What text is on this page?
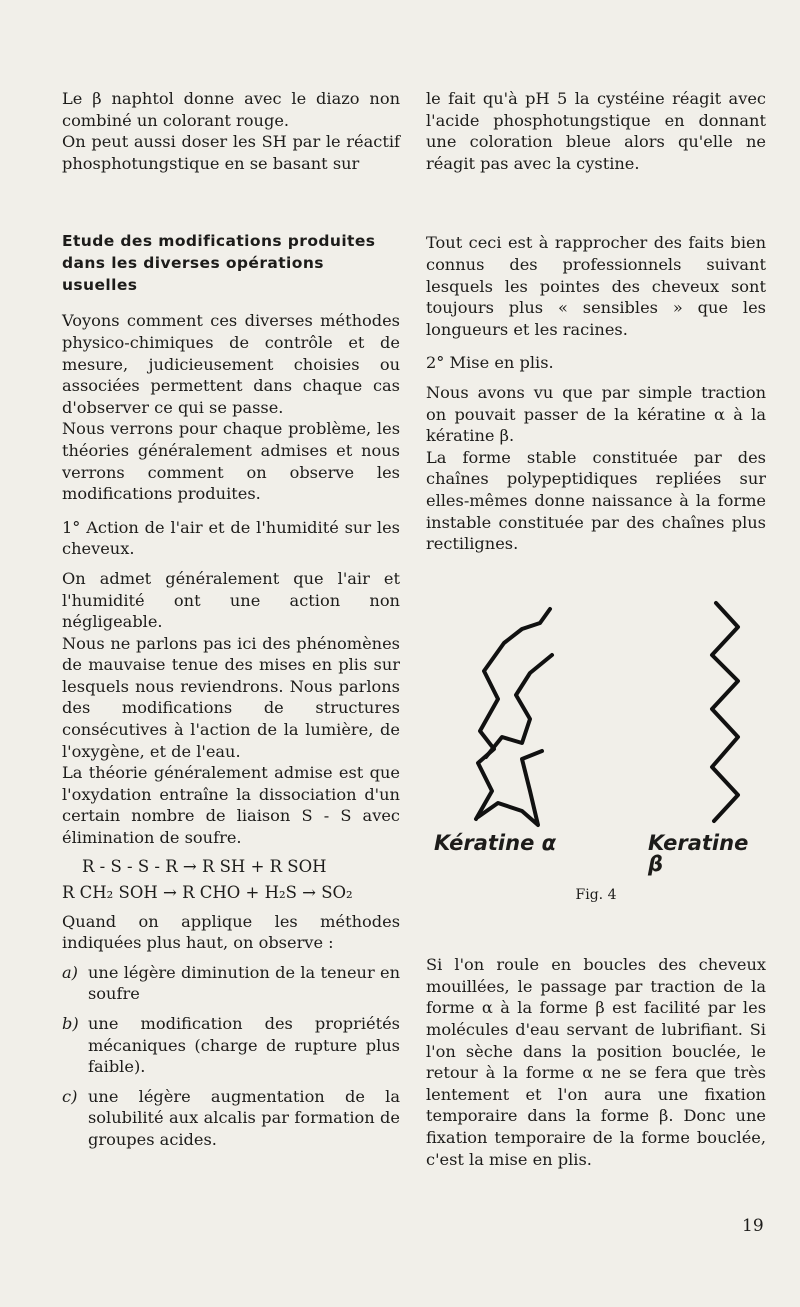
Le β naphtol donne avec le diazo non combiné un colorant rouge.

On peut aussi doser les SH par le réactif phosphotungstique en se basant sur

Etude des modifications produites dans les diverses opérations usuelles

Voyons comment ces diverses méthodes physico-chimiques de contrôle et de mesure, judicieusement choisies ou associées permettent dans chaque cas d'observer ce qui se passe.

Nous verrons pour chaque problème, les théories généralement admises et nous verrons comment on observe les modifications produites.

1° Action de l'air et de l'humidité sur les cheveux.

On admet généralement que l'air et l'humidité ont une action non négligeable.

Nous ne parlons pas ici des phénomènes de mauvaise tenue des mises en plis sur lesquels nous reviendrons. Nous parlons des modifications de structures consécutives à l'action de la lumière, de l'oxygène, et de l'eau.

La théorie généralement admise est que l'oxydation entraîne la dissociation d'un certain nombre de liaison S - S avec élimination de soufre.

R - S - S - R → R SH + R SOH
R CH₂ SOH → R CHO + H₂S → SO₂

Quand on applique les méthodes indiquées plus haut, on observe :

a) une légère diminution de la teneur en soufre
b) une modification des propriétés mécaniques (charge de rupture plus faible).
c) une légère augmentation de la solubilité aux alcalis par formation de groupes acides.

le fait qu'à pH 5 la cystéine réagit avec l'acide phosphotungstique en donnant une coloration bleue alors qu'elle ne réagit pas avec la cystine.

Tout ceci est à rapprocher des faits bien connus des professionnels suivant lesquels les pointes des cheveux sont toujours plus « sensibles » que les longueurs et les racines.

2° Mise en plis.

Nous avons vu que par simple traction on pouvait passer de la kératine α à la kératine β.

La forme stable constituée par des chaînes polypeptidiques repliées sur elles-mêmes donne naissance à la forme instable constituée par des chaînes plus rectilignes.

Kératine α	Keratine β
Fig. 4

Si l'on roule en boucles des cheveux mouillées, le passage par traction de la forme α à la forme β est facilité par les molécules d'eau servant de lubrifiant. Si l'on sèche dans la position bouclée, le retour à la forme α ne se fera que très lentement et l'on aura une fixation temporaire dans la forme β. Donc une fixation temporaire de la forme bouclée, c'est la mise en plis.

19
